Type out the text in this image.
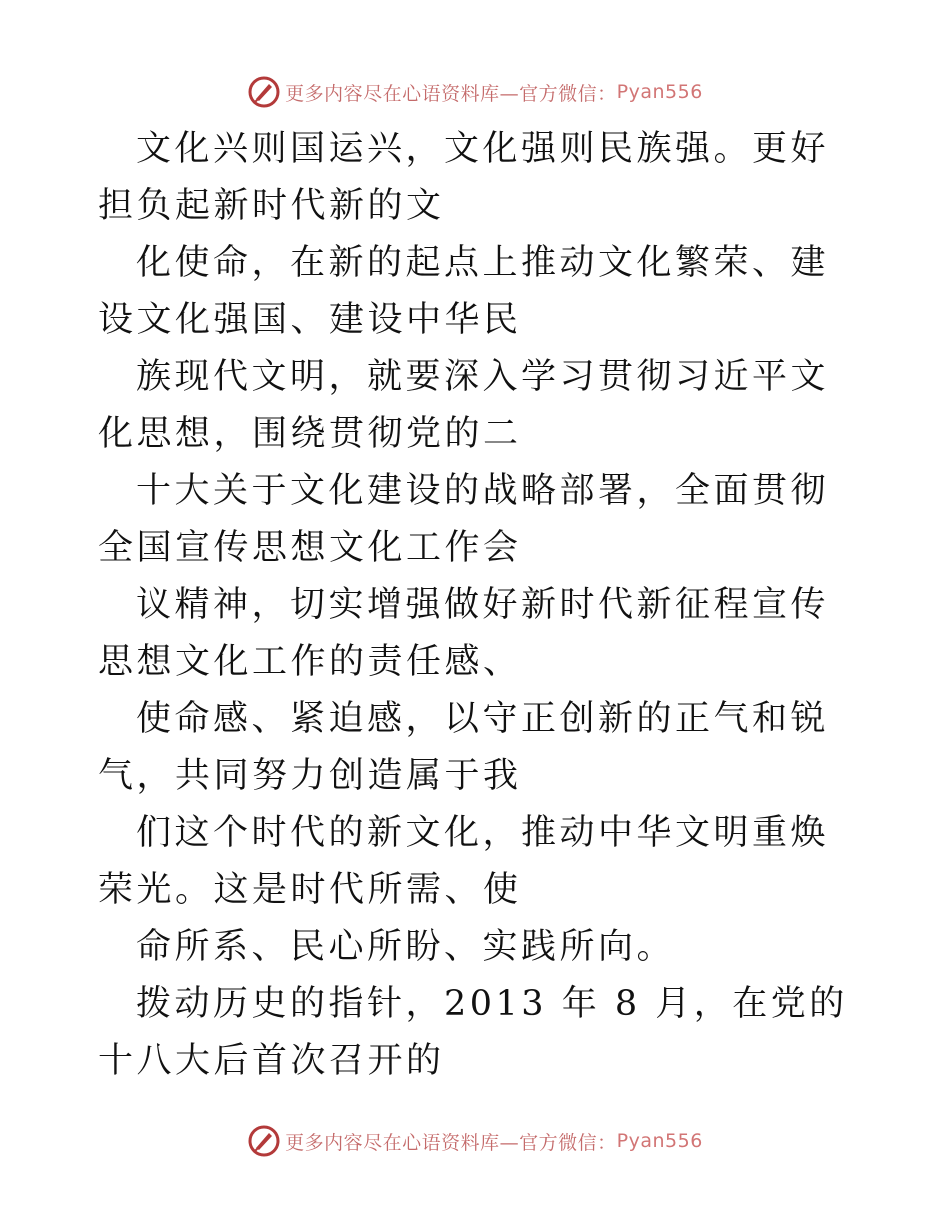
更多内容尽在心语资料库—官方微信： Pyan556

文化兴则国运兴，文化强则民族强。更好担负起新时代新的文

化使命，在新的起点上推动文化繁荣、建设文化强国、建设中华民

族现代文明，就要深入学习贯彻习近平文化思想，围绕贯彻党的二

十大关于文化建设的战略部署，全面贯彻全国宣传思想文化工作会

议精神，切实增强做好新时代新征程宣传思想文化工作的责任感、

使命感、紧迫感，以守正创新的正气和锐气，共同努力创造属于我

们这个时代的新文化，推动中华文明重焕荣光。这是时代所需、使

命所系、民心所盼、实践所向。

拨动历史的指针，2013 年 8 月，在党的十八大后首次召开的

更多内容尽在心语资料库—官方微信： Pyan556
